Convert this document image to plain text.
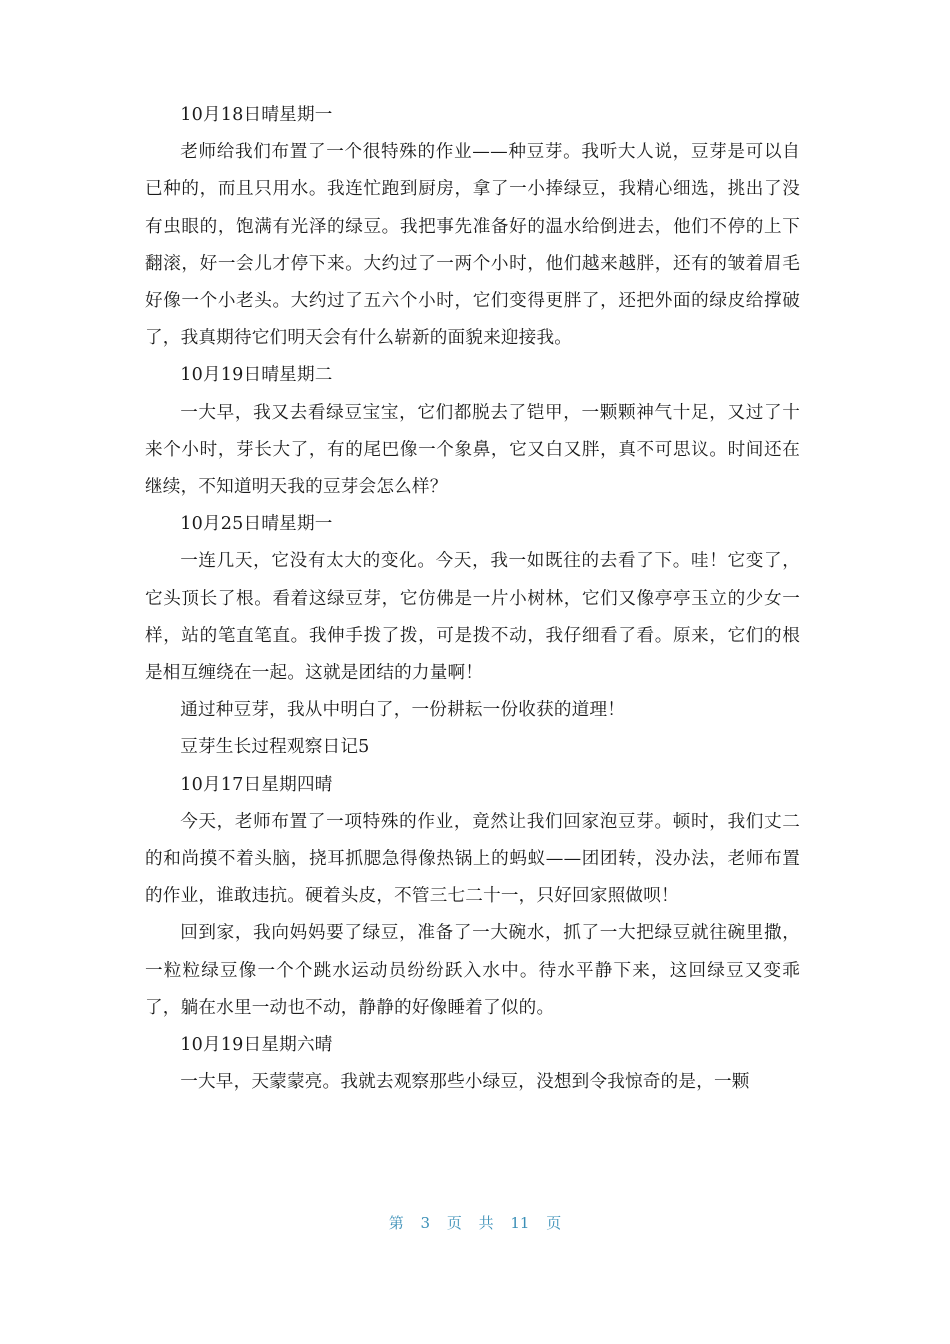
10月18日晴星期一

老师给我们布置了一个很特殊的作业——种豆芽。我听大人说，豆芽是可以自已种的，而且只用水。我连忙跑到厨房，拿了一小捧绿豆，我精心细选，挑出了没有虫眼的，饱满有光泽的绿豆。我把事先准备好的温水给倒进去，他们不停的上下翻滚，好一会儿才停下来。大约过了一两个小时，他们越来越胖，还有的皱着眉毛好像一个小老头。大约过了五六个小时，它们变得更胖了，还把外面的绿皮给撑破了，我真期待它们明天会有什么崭新的面貌来迎接我。

10月19日晴星期二

一大早，我又去看绿豆宝宝，它们都脱去了铠甲，一颗颗神气十足，又过了十来个小时，芽长大了，有的尾巴像一个象鼻，它又白又胖，真不可思议。时间还在继续，不知道明天我的豆芽会怎么样？

10月25日晴星期一

一连几天，它没有太大的变化。今天，我一如既往的去看了下。哇！它变了，它头顶长了根。看着这绿豆芽，它仿佛是一片小树林，它们又像亭亭玉立的少女一样，站的笔直笔直。我伸手拨了拨，可是拨不动，我仔细看了看。原来，它们的根是相互缠绕在一起。这就是团结的力量啊！

通过种豆芽，我从中明白了，一份耕耘一份收获的道理！

豆芽生长过程观察日记5

10月17日星期四晴

今天，老师布置了一项特殊的作业，竟然让我们回家泡豆芽。顿时，我们丈二的和尚摸不着头脑，挠耳抓腮急得像热锅上的蚂蚁——团团转，没办法，老师布置的作业，谁敢违抗。硬着头皮，不管三七二十一，只好回家照做呗！

回到家，我向妈妈要了绿豆，准备了一大碗水，抓了一大把绿豆就往碗里撒，一粒粒绿豆像一个个跳水运动员纷纷跃入水中。待水平静下来，这回绿豆又变乖了，躺在水里一动也不动，静静的好像睡着了似的。

10月19日星期六晴

一大早，天蒙蒙亮。我就去观察那些小绿豆，没想到令我惊奇的是，一颗

第 3 页 共 11 页
